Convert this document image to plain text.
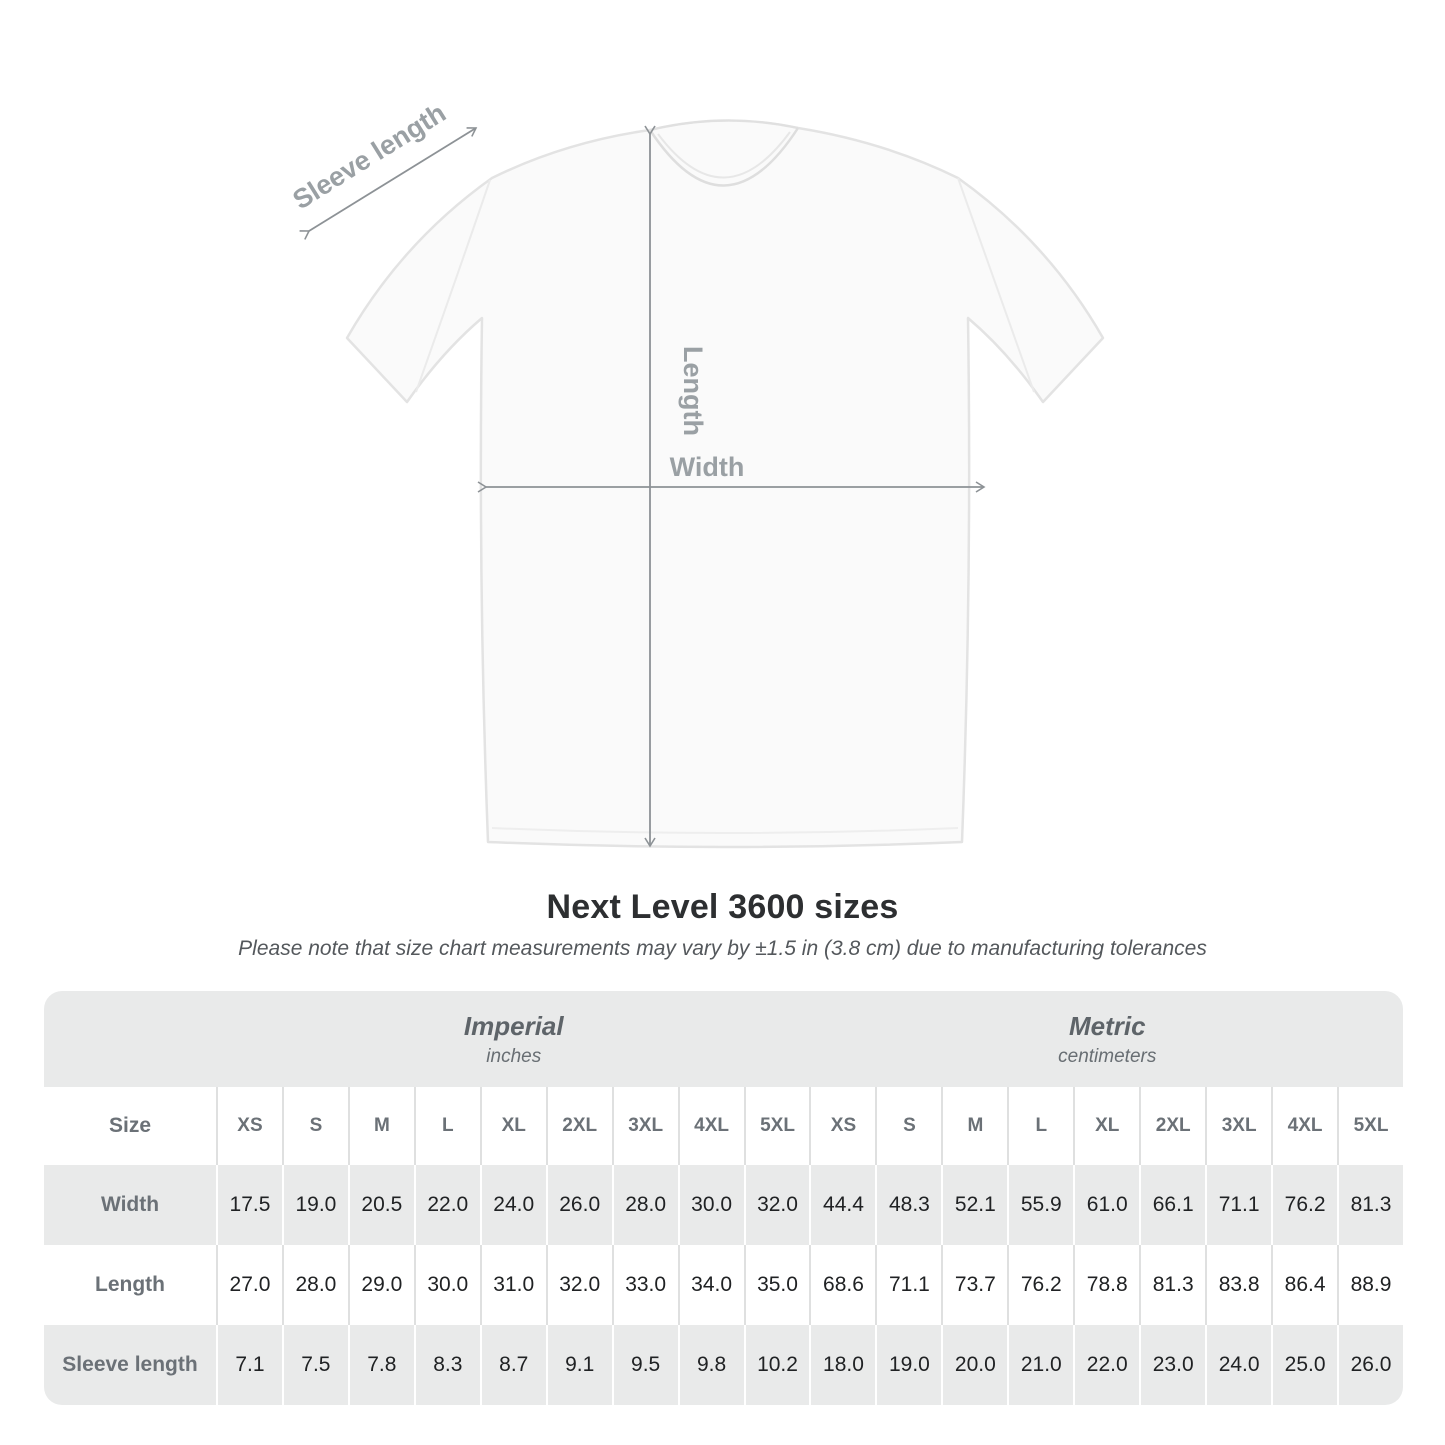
Sleeve length
Length
Width
Next Level 3600 sizes
Please note that size chart measurements may vary by ±1.5 in (3.8 cm) due to manufacturing tolerances
Imperial
inches
Metric
centimeters
Size	XS S	M	L	XL 2XL 3XL 4XL 5XL XS S	M	L	XL 2XL 3XL 4XL 5XL
Width	17.5 19.0 20.5 22.0 24.0 26.0 28.0 30.0 32.0 44.4 48.3 52.1 55.9 61.0 66.1 71.1 76.2 81.3
Length	27.0 28.0 29.0 30.0 31.0 32.0 33.0 34.0 35.0 68.6 71.1 73.7 76.2 78.8 81.3 83.8 86.4 88.9
Sleeve length 7.1 7.5 7.8 8.3 8.7 9.1 9.5 9.8 10.2 18.0 19.0 20.0 21.0 22.0 23.0 24.0 25.0 26.0
